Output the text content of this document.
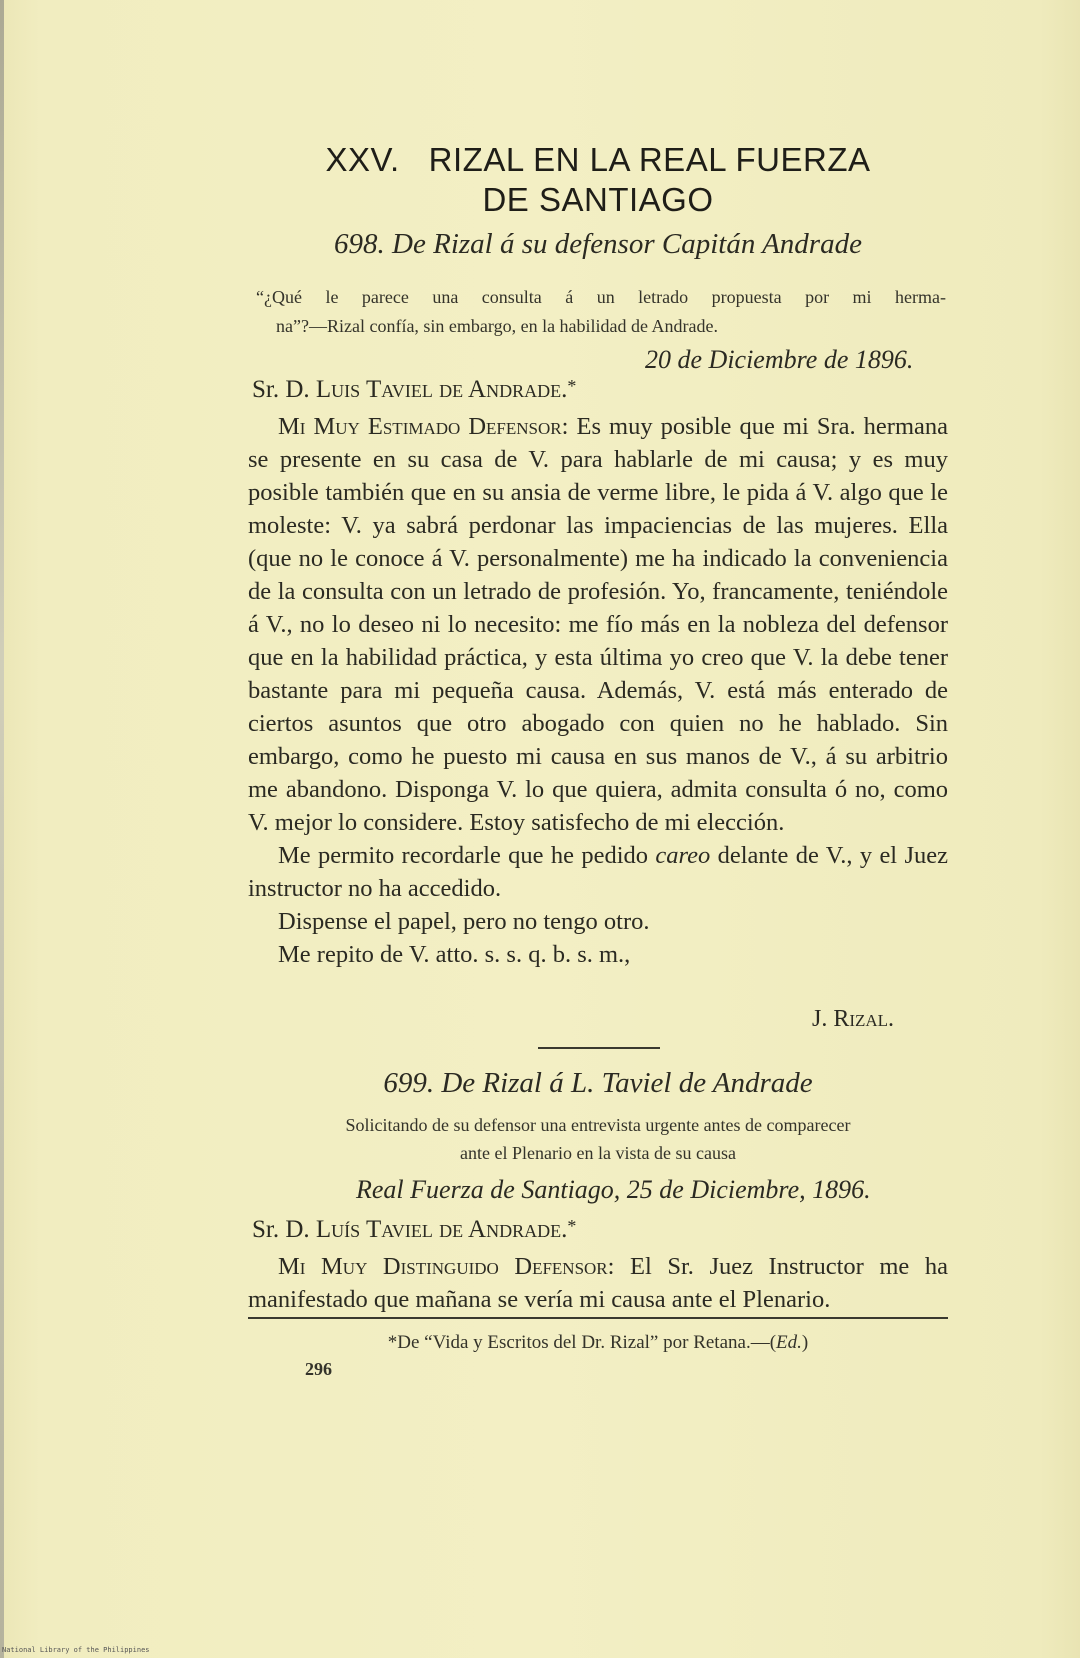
XXV.   RIZAL EN LA REAL FUERZA
DE SANTIAGO
698. De Rizal á su defensor Capitán Andrade
“¿Qué le parece una consulta á un letrado propuesta por mi herma-
na”?—Rizal confía, sin embargo, en la habilidad de Andrade.
20 de Diciembre de 1896.
Sr. D. Luis Taviel de Andrade.*

Mi Muy Estimado Defensor: Es muy posible que mi Sra. hermana se presente en su casa de V. para hablarle de mi causa; y es muy posible también que en su ansia de verme libre, le pida á V. algo que le moleste: V. ya sabrá perdonar las impaciencias de las mujeres. Ella (que no le conoce á V. personalmente) me ha indicado la conveniencia de la consulta con un letrado de profesión. Yo, francamente, teniéndole á V., no lo deseo ni lo necesito: me fío más en la nobleza del defensor que en la habilidad práctica, y esta última yo creo que V. la debe tener bastante para mi pequeña causa. Además, V. está más enterado de ciertos asuntos que otro abogado con quien no he hablado. Sin embargo, como he puesto mi causa en sus manos de V., á su arbitrio me abandono. Disponga V. lo que quiera, admita consulta ó no, como V. mejor lo considere. Estoy satisfecho de mi elección.

Me permito recordarle que he pedido careo delante de V., y el Juez instructor no ha accedido.

Dispense el papel, pero no tengo otro.

Me repito de V. atto. s. s. q. b. s. m.,

J. Rizal.
699. De Rizal á L. Taviel de Andrade
Solicitando de su defensor una entrevista urgente antes de comparecer
ante el Plenario en la vista de su causa
Real Fuerza de Santiago, 25 de Diciembre, 1896.
Sr. D. Luís Taviel de Andrade.*

Mi Muy Distinguido Defensor: El Sr. Juez Instructor me ha manifestado que mañana se vería mi causa ante el Plenario.

*De “Vida y Escritos del Dr. Rizal” por Retana.—(Ed.)
296
National Library of the Philippines
